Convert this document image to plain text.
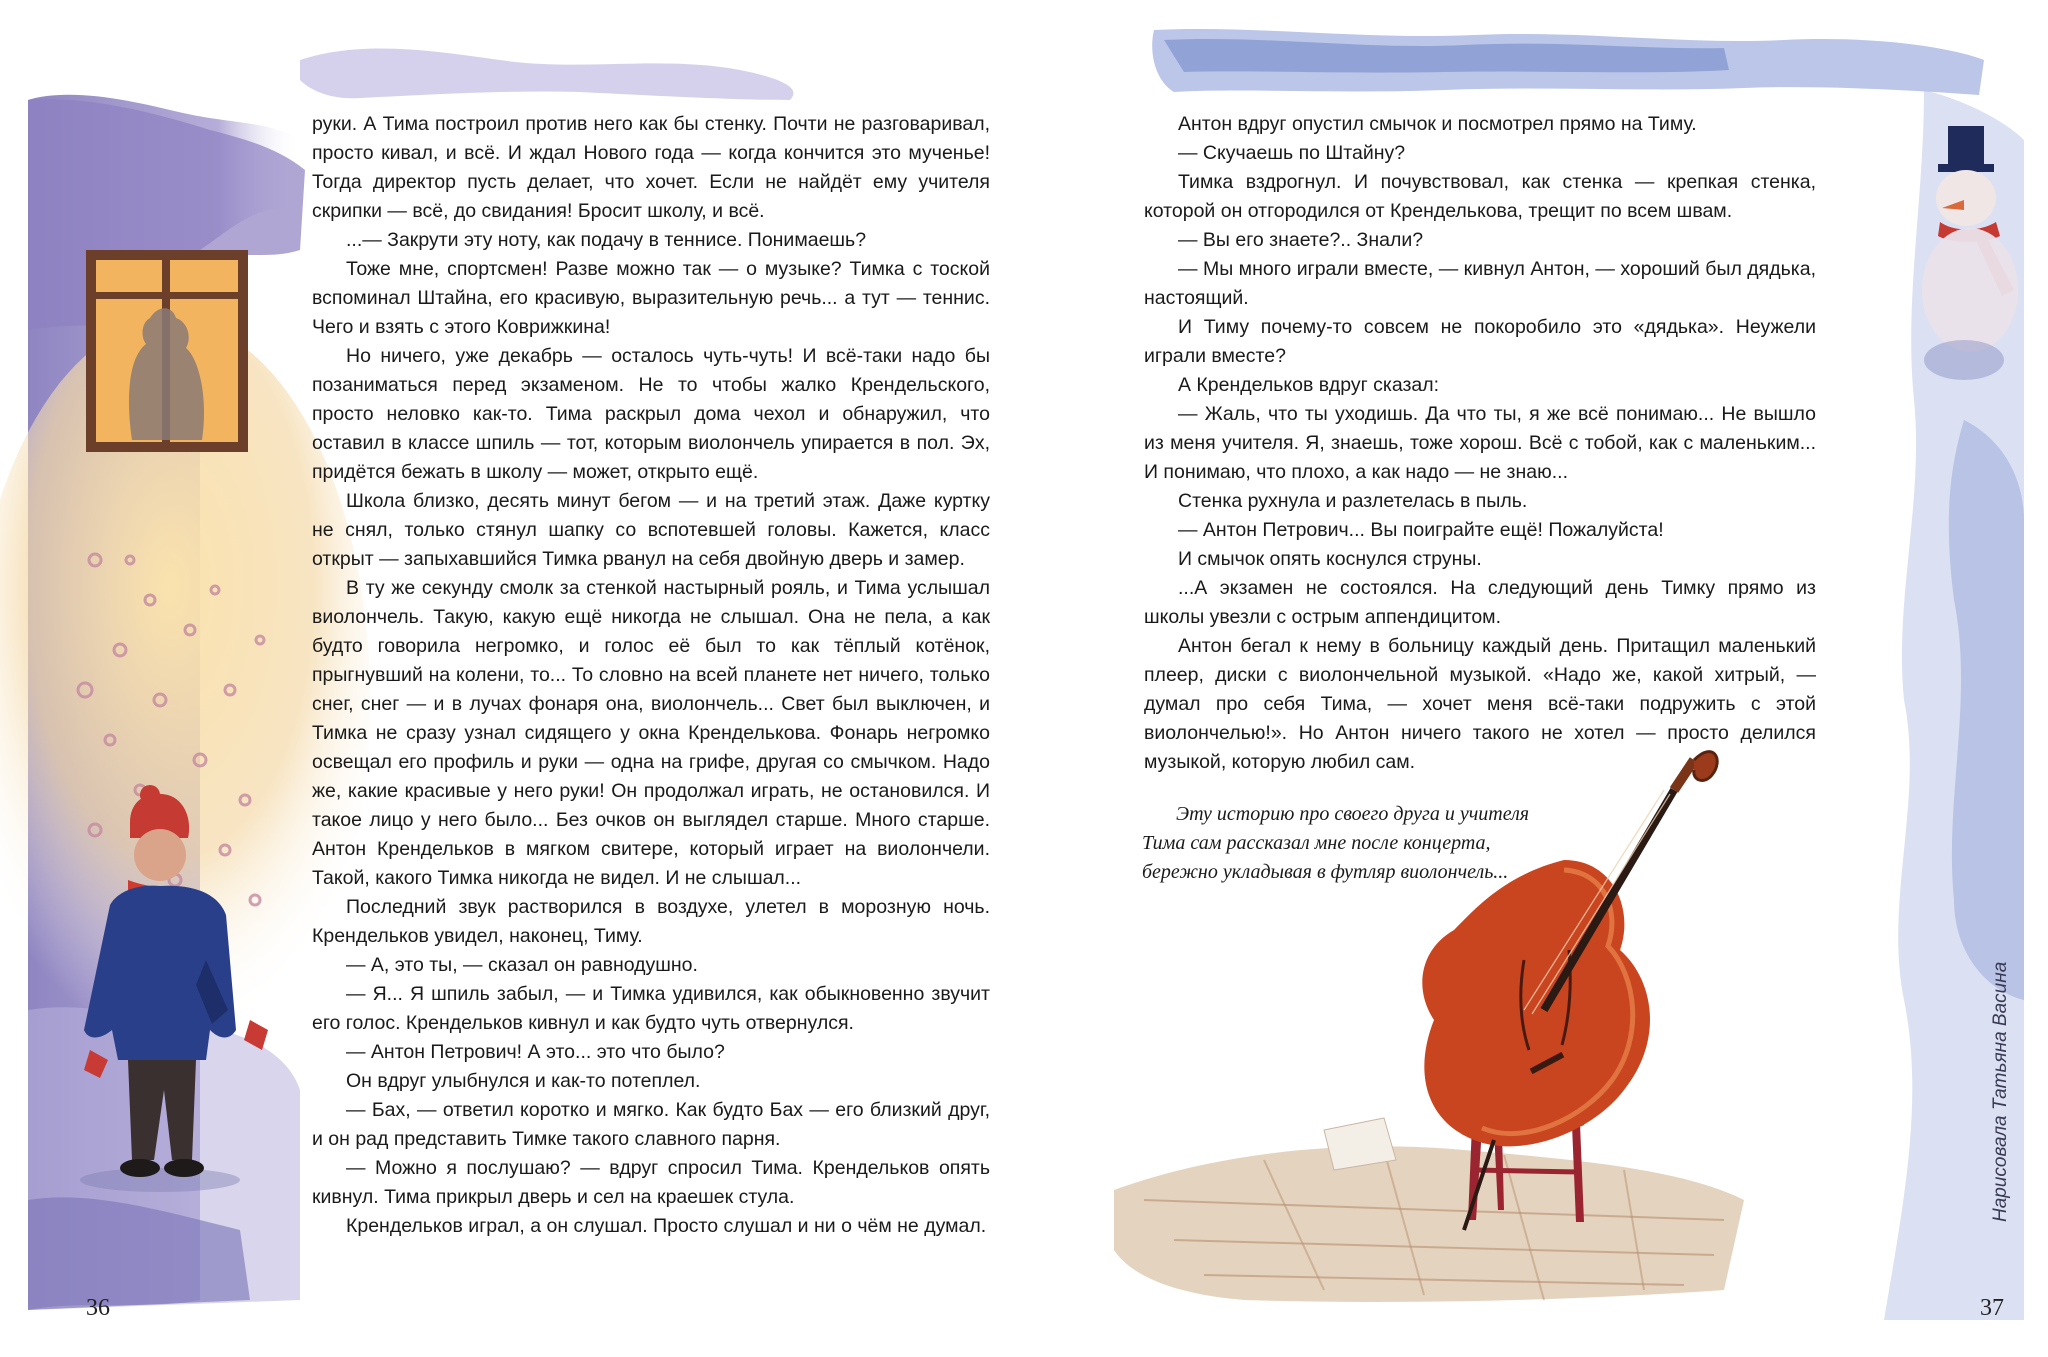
руки. А Тима построил против него как бы стенку. Почти не разговаривал, просто кивал, и всё. И ждал Нового года — когда кончится это мученье! Тогда директор пусть делает, что хочет. Если не найдёт ему учителя скрипки — всё, до свидания! Бросит школу, и всё.

...— Закрути эту ноту, как подачу в теннисе. Понимаешь?

Тоже мне, спортсмен! Разве можно так — о музыке? Тимка с тоской вспоминал Штайна, его красивую, выразительную речь... а тут — теннис. Чего и взять с этого Коврижкина!

Но ничего, уже декабрь — осталось чуть-чуть! И всё-таки надо бы позаниматься перед экзаменом. Не то чтобы жалко Крендельского, просто неловко как-то. Тима раскрыл дома чехол и обнаружил, что оставил в классе шпиль — тот, которым виолончель упирается в пол. Эх, придётся бежать в школу — может, открыто ещё.

Школа близко, десять минут бегом — и на третий этаж. Даже куртку не снял, только стянул шапку со вспотевшей головы. Кажется, класс открыт — запыхавшийся Тимка рванул на себя двойную дверь и замер.

В ту же секунду смолк за стенкой настырный рояль, и Тима услышал виолончель. Такую, какую ещё никогда не слышал. Она не пела, а как будто говорила негромко, и голос её был то как тёплый котёнок, прыгнувший на колени, то... То словно на всей планете нет ничего, только снег, снег — и в лучах фонаря она, виолончель... Свет был выключен, и Тимка не сразу узнал сидящего у окна Кренделькова. Фонарь негромко освещал его профиль и руки — одна на грифе, другая со смычком. Надо же, какие красивые у него руки! Он продолжал играть, не остановился. И такое лицо у него было... Без очков он выглядел старше. Много старше. Антон Крендельков в мягком свитере, который играет на виолончели. Такой, какого Тимка никогда не видел. И не слышал...

Последний звук растворился в воздухе, улетел в морозную ночь. Крендельков увидел, наконец, Тиму.

— А, это ты, — сказал он равнодушно.

— Я... Я шпиль забыл, — и Тимка удивился, как обыкновенно звучит его голос. Крендельков кивнул и как будто чуть отвернулся.

— Антон Петрович! А это... это что было?

Он вдруг улыбнулся и как-то потеплел.

— Бах, — ответил коротко и мягко. Как будто Бах — его близкий друг, и он рад представить Тимке такого славного парня.

— Можно я послушаю? — вдруг спросил Тима. Крендельков опять кивнул. Тима прикрыл дверь и сел на краешек стула.

Крендельков играл, а он слушал. Просто слушал и ни о чём не думал.

36

Антон вдруг опустил смычок и посмотрел прямо на Тиму.

— Скучаешь по Штайну?

Тимка вздрогнул. И почувствовал, как стенка — крепкая стенка, которой он отгородился от Кренделькова, трещит по всем швам.

— Вы его знаете?.. Знали?

— Мы много играли вместе, — кивнул Антон, — хороший был дядька, настоящий.

И Тиму почему-то совсем не покоробило это «дядька». Неужели играли вместе?

А Крендельков вдруг сказал:

— Жаль, что ты уходишь. Да что ты, я же всё понимаю... Не вышло из меня учителя. Я, знаешь, тоже хорош. Всё с тобой, как с маленьким... И понимаю, что плохо, а как надо — не знаю...

Стенка рухнула и разлетелась в пыль.

— Антон Петрович... Вы поиграйте ещё! Пожалуйста!

И смычок опять коснулся струны.

...А экзамен не состоялся. На следующий день Тимку прямо из школы увезли с острым аппендицитом.

Антон бегал к нему в больницу каждый день. Притащил маленький плеер, диски с виолончельной музыкой. «Надо же, какой хитрый, — думал про себя Тима, — хочет меня всё-таки подружить с этой виолончелью!». Но Антон ничего такого не хотел — просто делился музыкой, которую любил сам.

Эту историю про своего друга и учителя Тима сам рассказал мне после концерта, бережно укладывая в футляр виолончель...

Нарисовала Татьяна Васина
37
